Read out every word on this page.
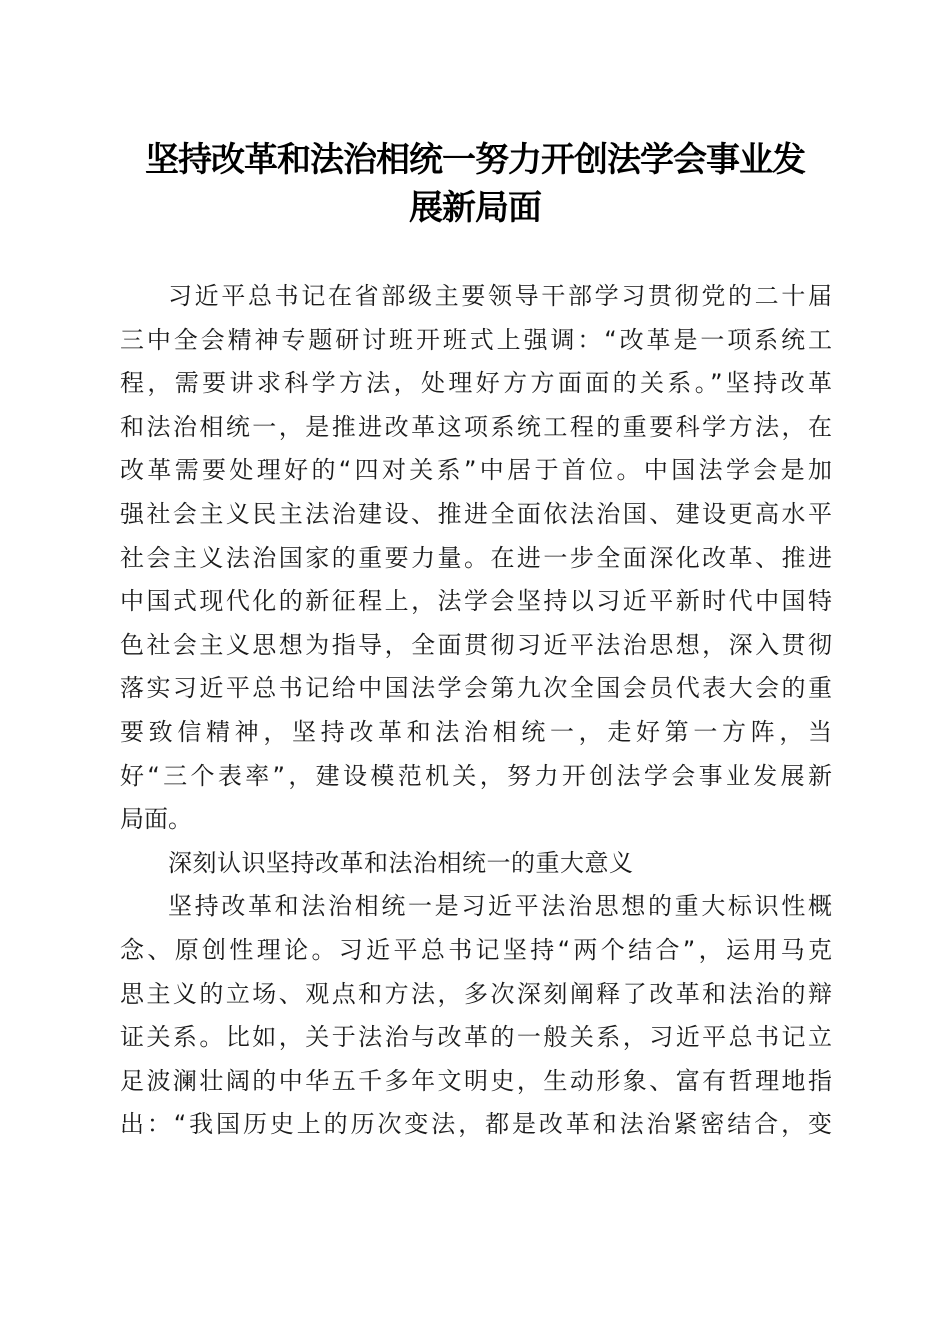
坚持改革和法治相统一努力开创法学会事业发
展新局面
习近平总书记在省部级主要领导干部学习贯彻党的二十届
三中全会精神专题研讨班开班式上强调：“改革是一项系统工
程，需要讲求科学方法，处理好方方面面的关系。”坚持改革
和法治相统一，是推进改革这项系统工程的重要科学方法，在
改革需要处理好的“四对关系”中居于首位。中国法学会是加
强社会主义民主法治建设、推进全面依法治国、建设更高水平
社会主义法治国家的重要力量。在进一步全面深化改革、推进
中国式现代化的新征程上，法学会坚持以习近平新时代中国特
色社会主义思想为指导，全面贯彻习近平法治思想，深入贯彻
落实习近平总书记给中国法学会第九次全国会员代表大会的重
要致信精神，坚持改革和法治相统一，走好第一方阵，当
好“三个表率”，建设模范机关，努力开创法学会事业发展新
局面。
深刻认识坚持改革和法治相统一的重大意义
坚持改革和法治相统一是习近平法治思想的重大标识性概
念、原创性理论。习近平总书记坚持“两个结合”，运用马克
思主义的立场、观点和方法，多次深刻阐释了改革和法治的辩
证关系。比如，关于法治与改革的一般关系，习近平总书记立
足波澜壮阔的中华五千多年文明史，生动形象、富有哲理地指
出：“我国历史上的历次变法，都是改革和法治紧密结合，变
